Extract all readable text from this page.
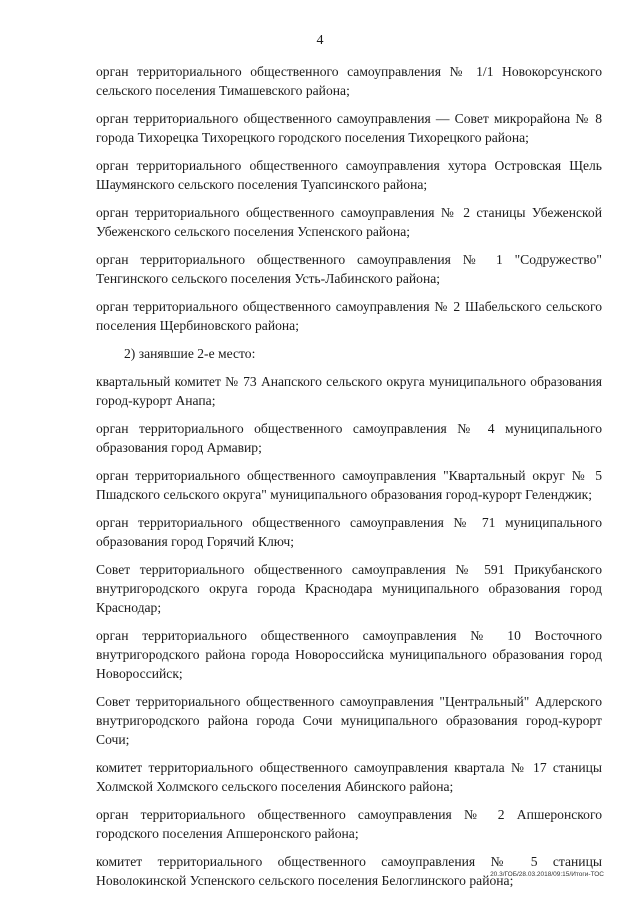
4

орган территориального общественного самоуправления № 1/1 Новокорсунского сельского поселения Тимашевского района;

орган территориального общественного самоуправления — Совет микрорайона № 8 города Тихорецка Тихорецкого городского поселения Тихорецкого района;

орган территориального общественного самоуправления хутора Островская Щель Шаумянского сельского поселения Туапсинского района;

орган территориального общественного самоуправления № 2 станицы Убеженской Убеженского сельского поселения Успенского района;

орган территориального общественного самоуправления № 1 "Содружество" Тенгинского сельского поселения Усть-Лабинского района;

орган территориального общественного самоуправления № 2 Шабельского сельского поселения Щербиновского района;

2) занявшие 2-е место:

квартальный комитет № 73 Анапского сельского округа муниципального образования город-курорт Анапа;

орган территориального общественного самоуправления № 4 муниципального образования город Армавир;

орган территориального общественного самоуправления "Квартальный округ № 5 Пшадского сельского округа" муниципального образования город-курорт Геленджик;

орган территориального общественного самоуправления № 71 муниципального образования город Горячий Ключ;

Совет территориального общественного самоуправления № 591 Прикубанского внутригородского округа города Краснодара муниципального образования город Краснодар;

орган территориального общественного самоуправления № 10 Восточного внутригородского района города Новороссийска муниципального образования город Новороссийск;

Совет территориального общественного самоуправления "Центральный" Адлерского внутригородского района города Сочи муниципального образования город-курорт Сочи;

комитет территориального общественного самоуправления квартала № 17 станицы Холмской Холмского сельского поселения Абинского района;

орган территориального общественного самоуправления № 2 Апшеронского городского поселения Апшеронского района;

комитет территориального общественного самоуправления № 5 станицы Новолокинской Успенского сельского поселения Белоглинского района;

20.3/ГОБ/28.03.2018/09:15/Итоги-ТОС
